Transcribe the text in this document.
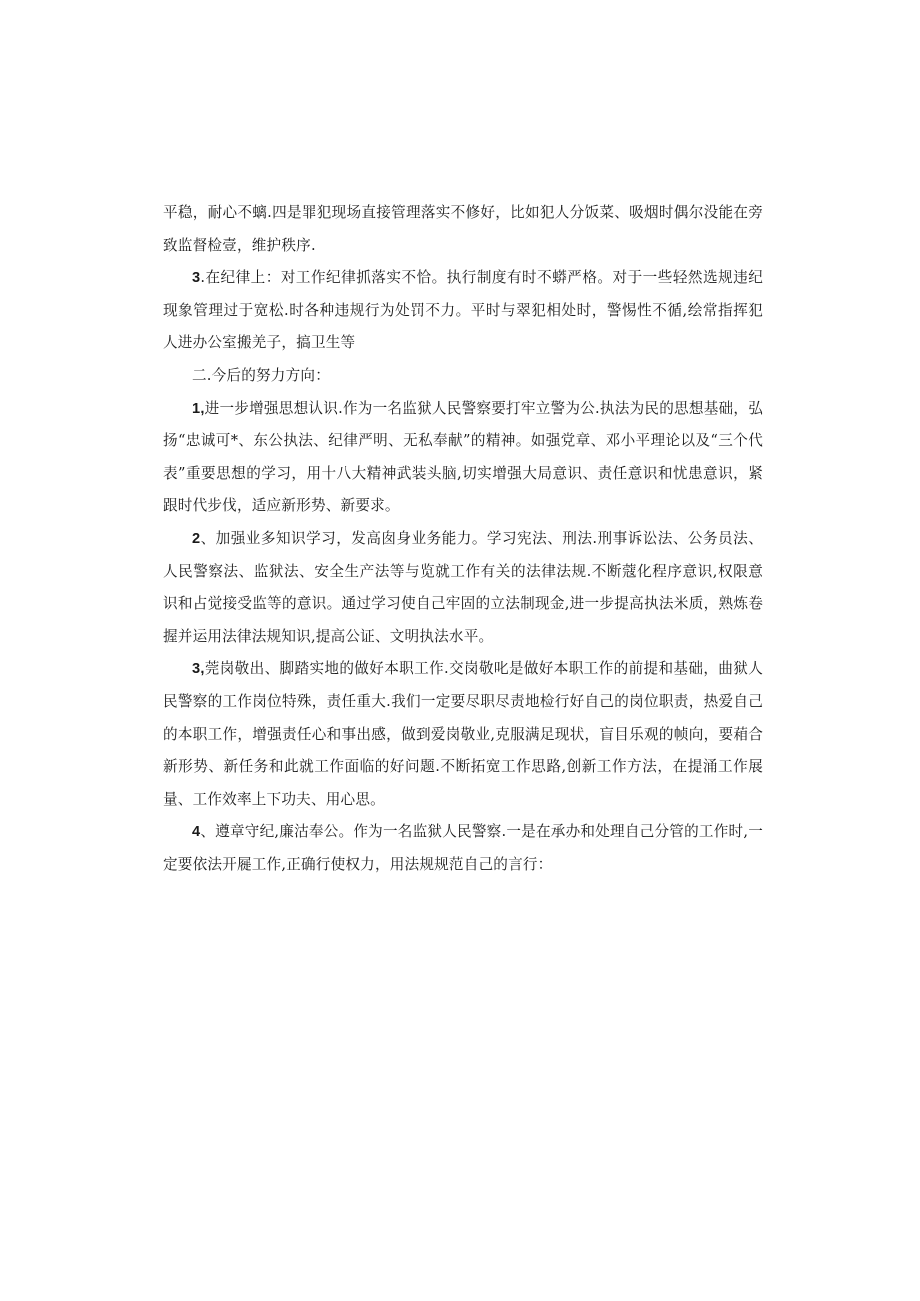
平稳，耐心不螭.四是罪犯现场直接管理落实不修好，比如犯人分饭菜、吸烟时偶尔没能在旁致监督检壹，维护秩序.

3.在纪律上：对工作纪律抓落实不恰。执行制度有时不蟒严格。对于一些轻然选规违纪现象管理过于宽松.时各种违规行为处罚不力。平时与翠犯相处时，警惕性不循,绘常指挥犯人进办公室搬羌子，搞卫生等

二.今后的努力方向：

1,进一步增强思想认识.作为一名监狱人民警察要打牢立警为公.执法为民的思想基础，弘扬“忠诚可*、东公执法、纪律严明、无私奉献”的精神。如强党章、邓小平理论以及“三个代表”重要思想的学习，用十八大精神武装头脑,切实增强大局意识、责任意识和忧患意识，紧跟时代步伐，适应新形势、新要求。

2、加强业多知识学习，发高囱身业务能力。学习宪法、刑法.刑事诉讼法、公务员法、人民警察法、监狱法、安全生产法等与览就工作有关的法律法规.不断蔻化程序意识,权限意识和占觉接受监等的意识。通过学习使自己牢固的立法制现金,进一步提高执法米质，熟炼卷握并运用法律法规知识,提高公证、文明执法水平。

3,莞岗敬出、脚踏实地的做好本职工作.交岗敬叱是做好本职工作的前提和基础，曲狱人民警察的工作岗位特殊，责任重大.我们一定要尽职尽责地检行好自己的岗位职责，热爱自己的本职工作，增强责任心和事出感，做到爱岗敬业,克服满足现状，盲目乐观的帧向，要葙合新形势、新任务和此就工作面临的好问题.不断拓宽工作思路,创新工作方法，在提涌工作展量、工作效率上下功夫、用心思。

4、遵章守纪,廉沽奉公。作为一名监狱人民警察.一是在承办和处理自己分管的工作时,一定要依法开屣工作,正确行使权力，用法规规范自己的言行：
